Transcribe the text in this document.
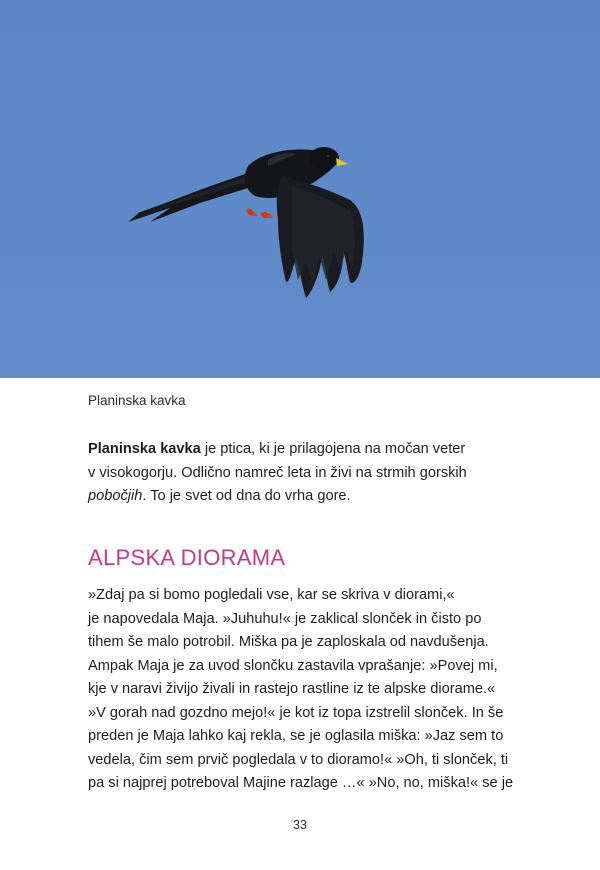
Planinska kavka
Planinska kavka je ptica, ki je prilagojena na močan veter
v visokogorju. Odlično namreč leta in živi na strmih gorskih
pobočjih. To je svet od dna do vrha gore.
ALPSKA DIORAMA
»Zdaj pa si bomo pogledali vse, kar se skriva v diorami,«
je napovedala Maja. »Juhuhu!« je zaklical slonček in čisto po
tihem še malo potrobil. Miška pa je zaploskala od navdušenja.
Ampak Maja je za uvod slončku zastavila vprašanje: »Povej mi,
kje v naravi živijo živali in rastejo rastline iz te alpske diorame.«
»V gorah nad gozdno mejo!« je kot iz topa izstrelil slonček. In še
preden je Maja lahko kaj rekla, se je oglasila miška: »Jaz sem to
vedela, čim sem prvič pogledala v to dioramo!« »Oh, ti slonček, ti
pa si najprej potreboval Majine razlage …« »No, no, miška!« se je
33
